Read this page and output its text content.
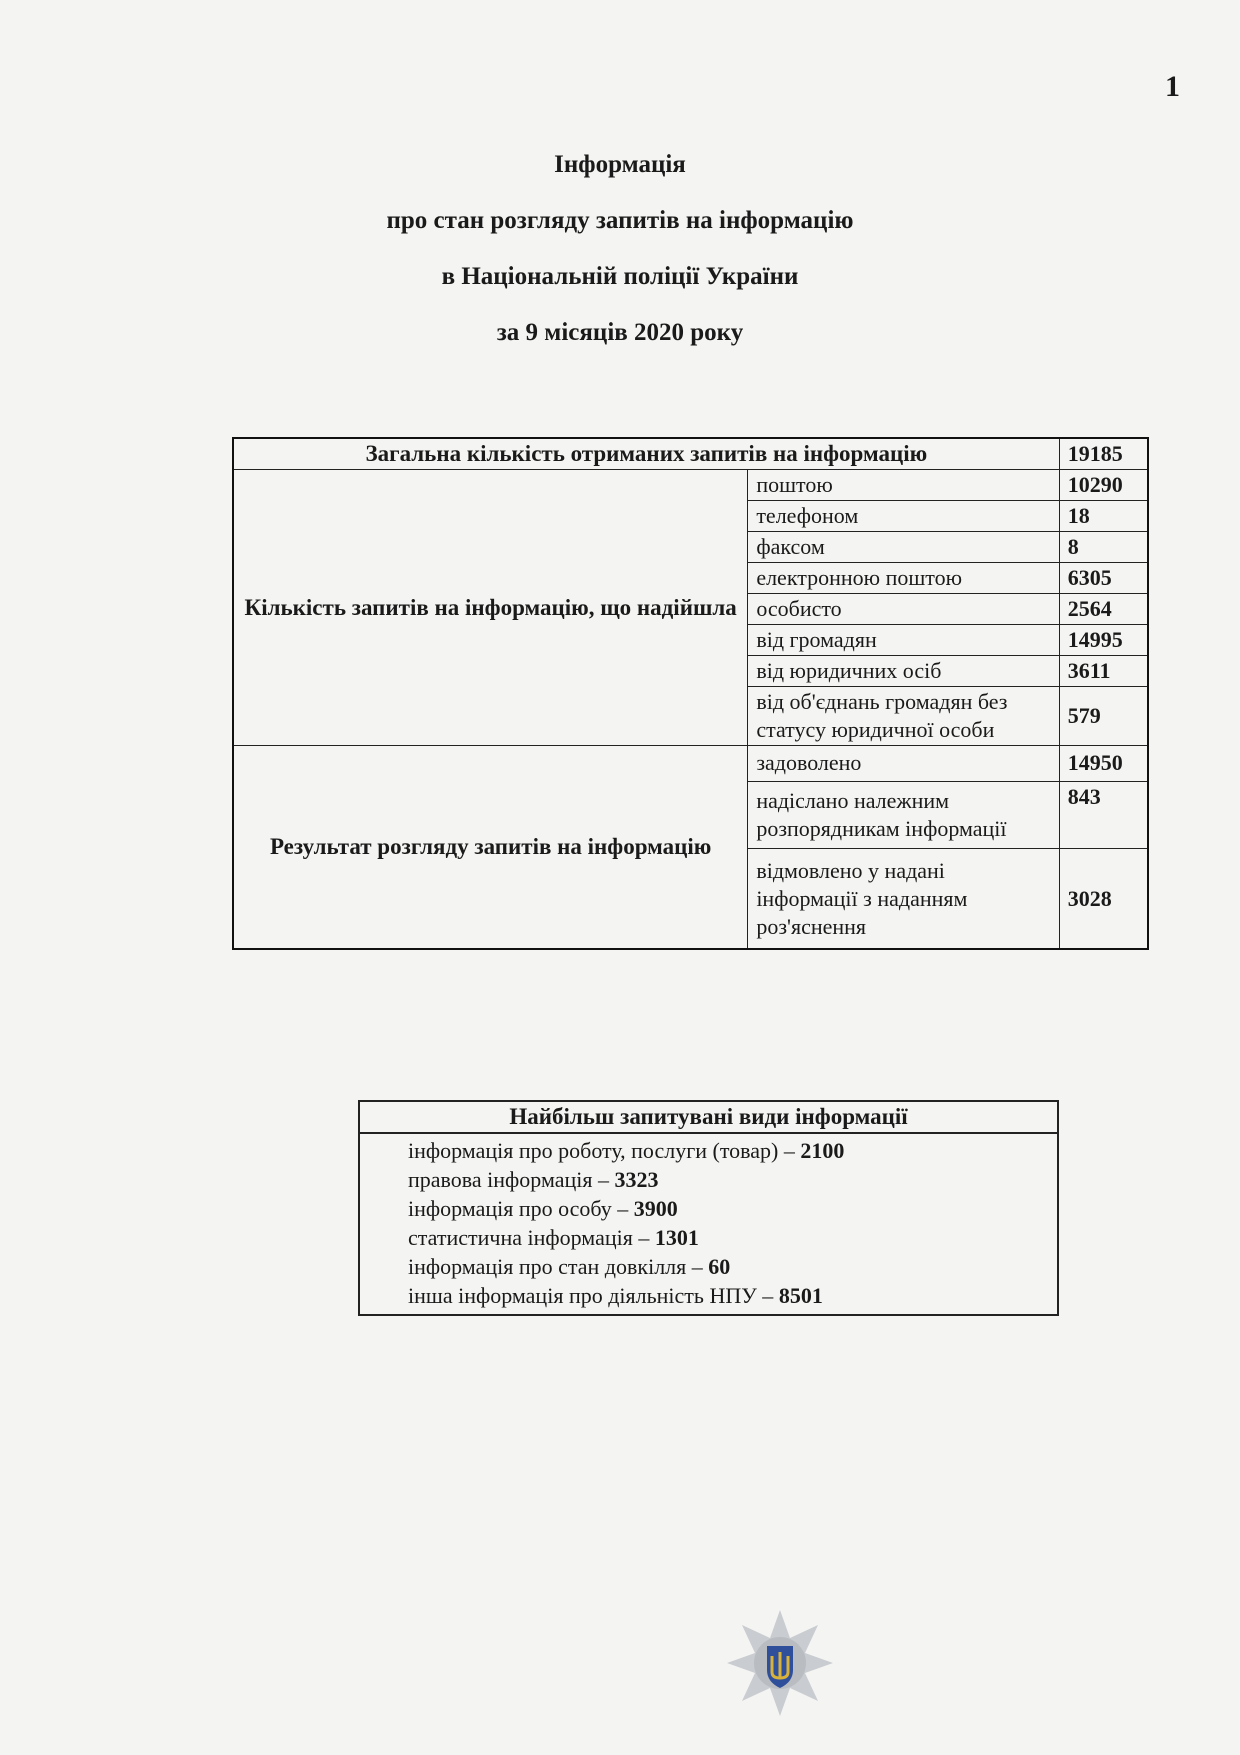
1
Інформація
про стан розгляду запитів на інформацію
в Національній поліції України
за 9 місяців 2020 року
Загальна кількість отриманих запитів на інформацію		19185
Кількість запитів на інформацію, що надійшла	поштою	10290
	телефоном	18
	факсом	8
	електронною поштою	6305
	особисто	2564
	від громадян	14995
	від юридичних осіб	3611
	від об'єднань громадян без статусу юридичної особи	579
Результат розгляду запитів на інформацію	задоволено	14950
	надіслано належним розпорядникам інформації	843
	відмовлено у надані інформації з наданням роз'яснення	3028
Найбільш запитувані види інформації
інформація про роботу, послуги (товар) – 2100
правова інформація – 3323
інформація про особу – 3900
статистична інформація – 1301
інформація про стан довкілля – 60
інша інформація про діяльність НПУ – 8501
